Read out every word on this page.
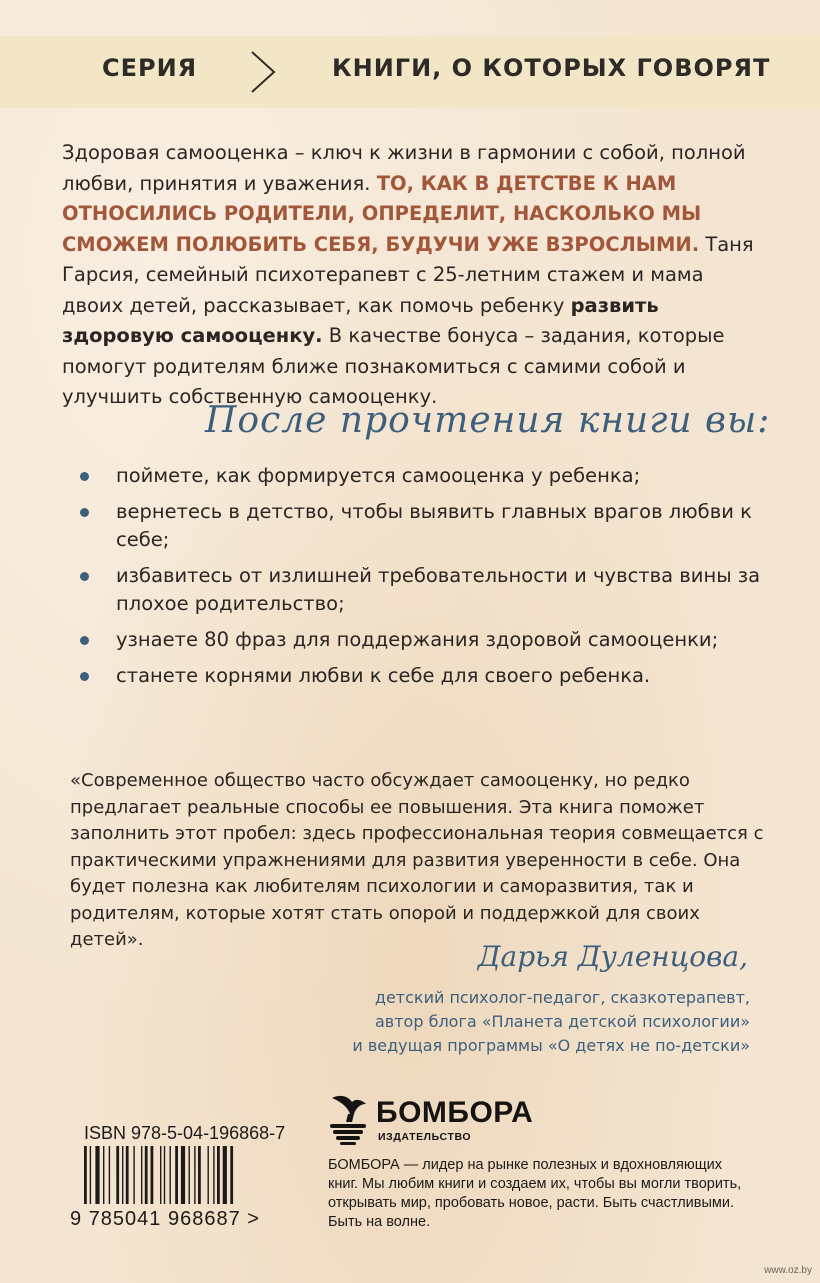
СЕРИЯ	КНИГИ, О КОТОРЫХ ГОВОРЯТ
Здоровая самооценка – ключ к жизни в гармонии с собой, полной любви, принятия и уважения. ТО, КАК В ДЕТСТВЕ К НАМ ОТНОСИЛИСЬ РОДИТЕЛИ, ОПРЕДЕЛИТ, НАСКОЛЬКО МЫ СМОЖЕМ ПОЛЮБИТЬ СЕБЯ, БУДУЧИ УЖЕ ВЗРОСЛЫМИ. Таня Гарсия, семейный психотерапевт с 25-летним стажем и мама двоих детей, рассказывает, как помочь ребенку развить здоровую самооценку. В качестве бонуса – задания, которые помогут родителям ближе познакомиться с самими собой и улучшить собственную самооценку.
После прочтения книги вы:
поймете, как формируется самооценка у ребенка;
вернетесь в детство, чтобы выявить главных врагов любви к себе;
избавитесь от излишней требовательности и чувства вины за плохое родительство;
узнаете 80 фраз для поддержания здоровой самооценки;
станете корнями любви к себе для своего ребенка.
«Современное общество часто обсуждает самооценку, но редко предлагает реальные способы ее повышения. Эта книга поможет заполнить этот пробел: здесь профессиональная теория совмещается с практическими упражнениями для развития уверенности в себе. Она будет полезна как любителям психологии и саморазвития, так и родителям, которые хотят стать опорой и поддержкой для своих детей».
Дарья Дуленцова,
детский психолог-педагог, сказкотерапевт,
автор блога «Планета детской психологии»
и ведущая программы «О детях не по-детски»
ISBN 978-5-04-196868-7
9 785041 968687 >
БОМБОРА
ИЗДАТЕЛЬСТВО
БОМБОРА — лидер на рынке полезных и вдохновляющих книг. Мы любим книги и создаем их, чтобы вы могли творить, открывать мир, пробовать новое, расти. Быть счастливыми. Быть на волне.
www.oz.by
